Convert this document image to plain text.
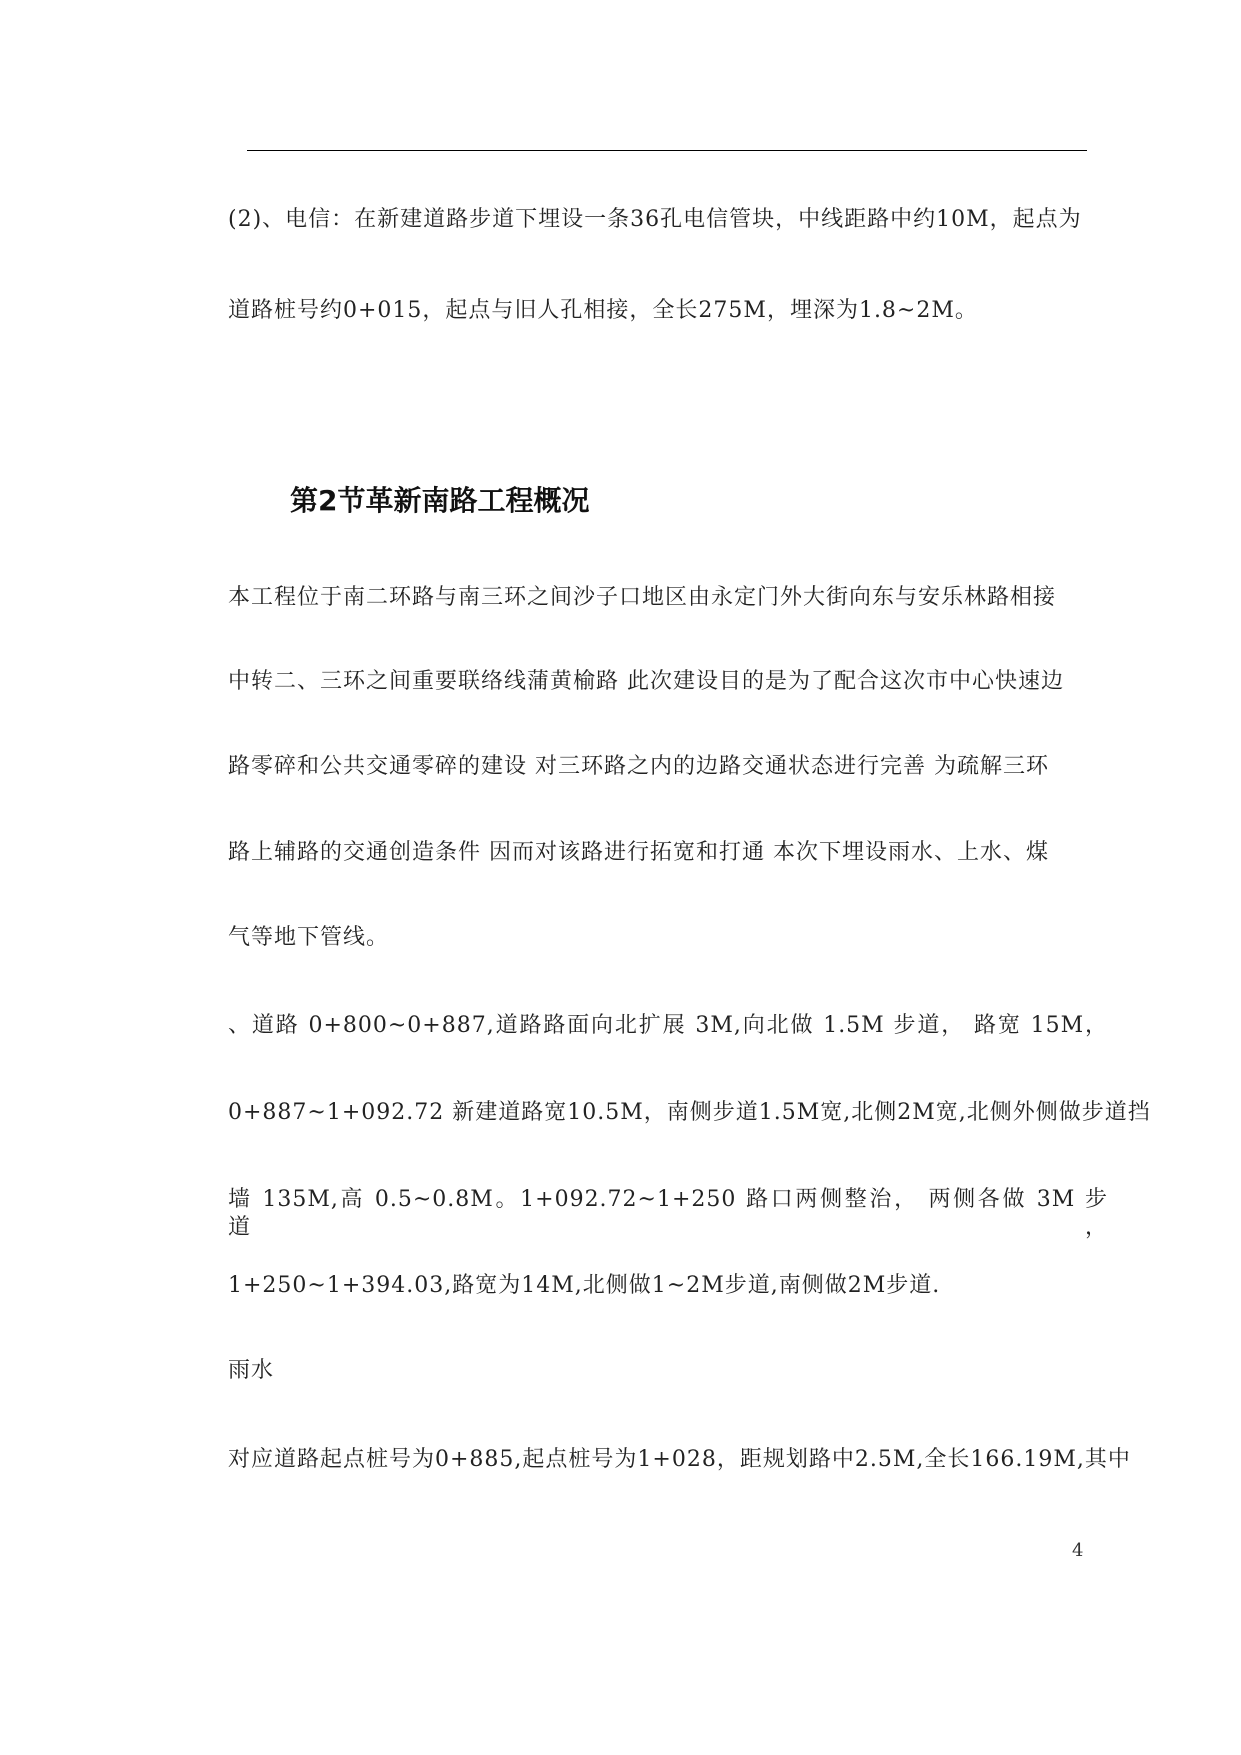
(2)、电信：在新建道路步道下埋设一条36孔电信管块，中线距路中约10M，起点为
道路桩号约0+015，起点与旧人孔相接，全长275M，埋深为1.8~2M。
第2节革新南路工程概况
本工程位于南二环路与南三环之间沙子口地区由永定门外大街向东与安乐林路相接
中转二、三环之间重要联络线蒲黄榆路 此次建设目的是为了配合这次市中心快速边
路零碎和公共交通零碎的建设 对三环路之内的边路交通状态进行完善 为疏解三环
路上辅路的交通创造条件 因而对该路进行拓宽和打通 本次下埋设雨水、上水、煤
气等地下管线。
、道路 0+800~0+887,道路路面向北扩展 3M,向北做 1.5M 步道， 路宽 15M，
0+887~1+092.72 新建道路宽10.5M，南侧步道1.5M宽,北侧2M宽,北侧外侧做步道挡
墙 135M,高 0.5~0.8M。1+092.72~1+250 路口两侧整治， 两侧各做 3M 步道，
1+250~1+394.03,路宽为14M,北侧做1~2M步道,南侧做2M步道.
雨水
对应道路起点桩号为0+885,起点桩号为1+028，距规划路中2.5M,全长166.19M,其中
4
